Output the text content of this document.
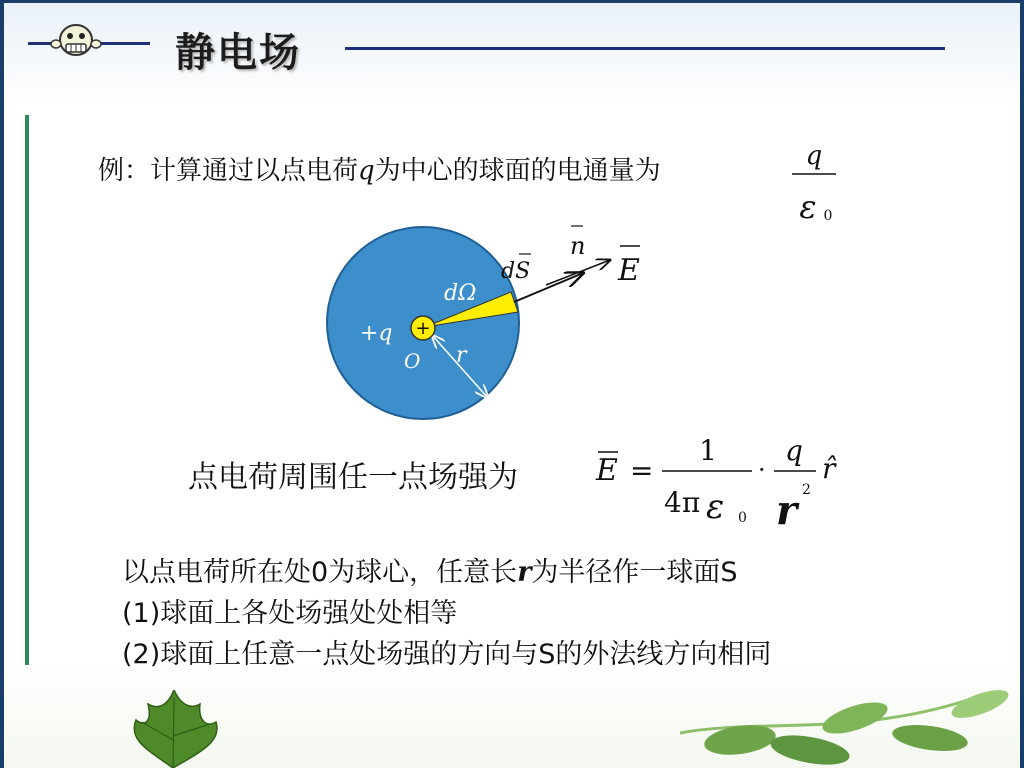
静电场
例：计算通过以点电荷q为中心的球面的电通量为	q
ε 0
+
+q
O r
dΩ
dS
n
E
点电荷周围任一点场强为	E =
1
4π ε 0
·
q
r 2
r̂
以点电荷所在处0为球心，任意长r为半径作一球面S
(1)球面上各处场强处处相等
(2)球面上任意一点处场强的方向与S的外法线方向相同
